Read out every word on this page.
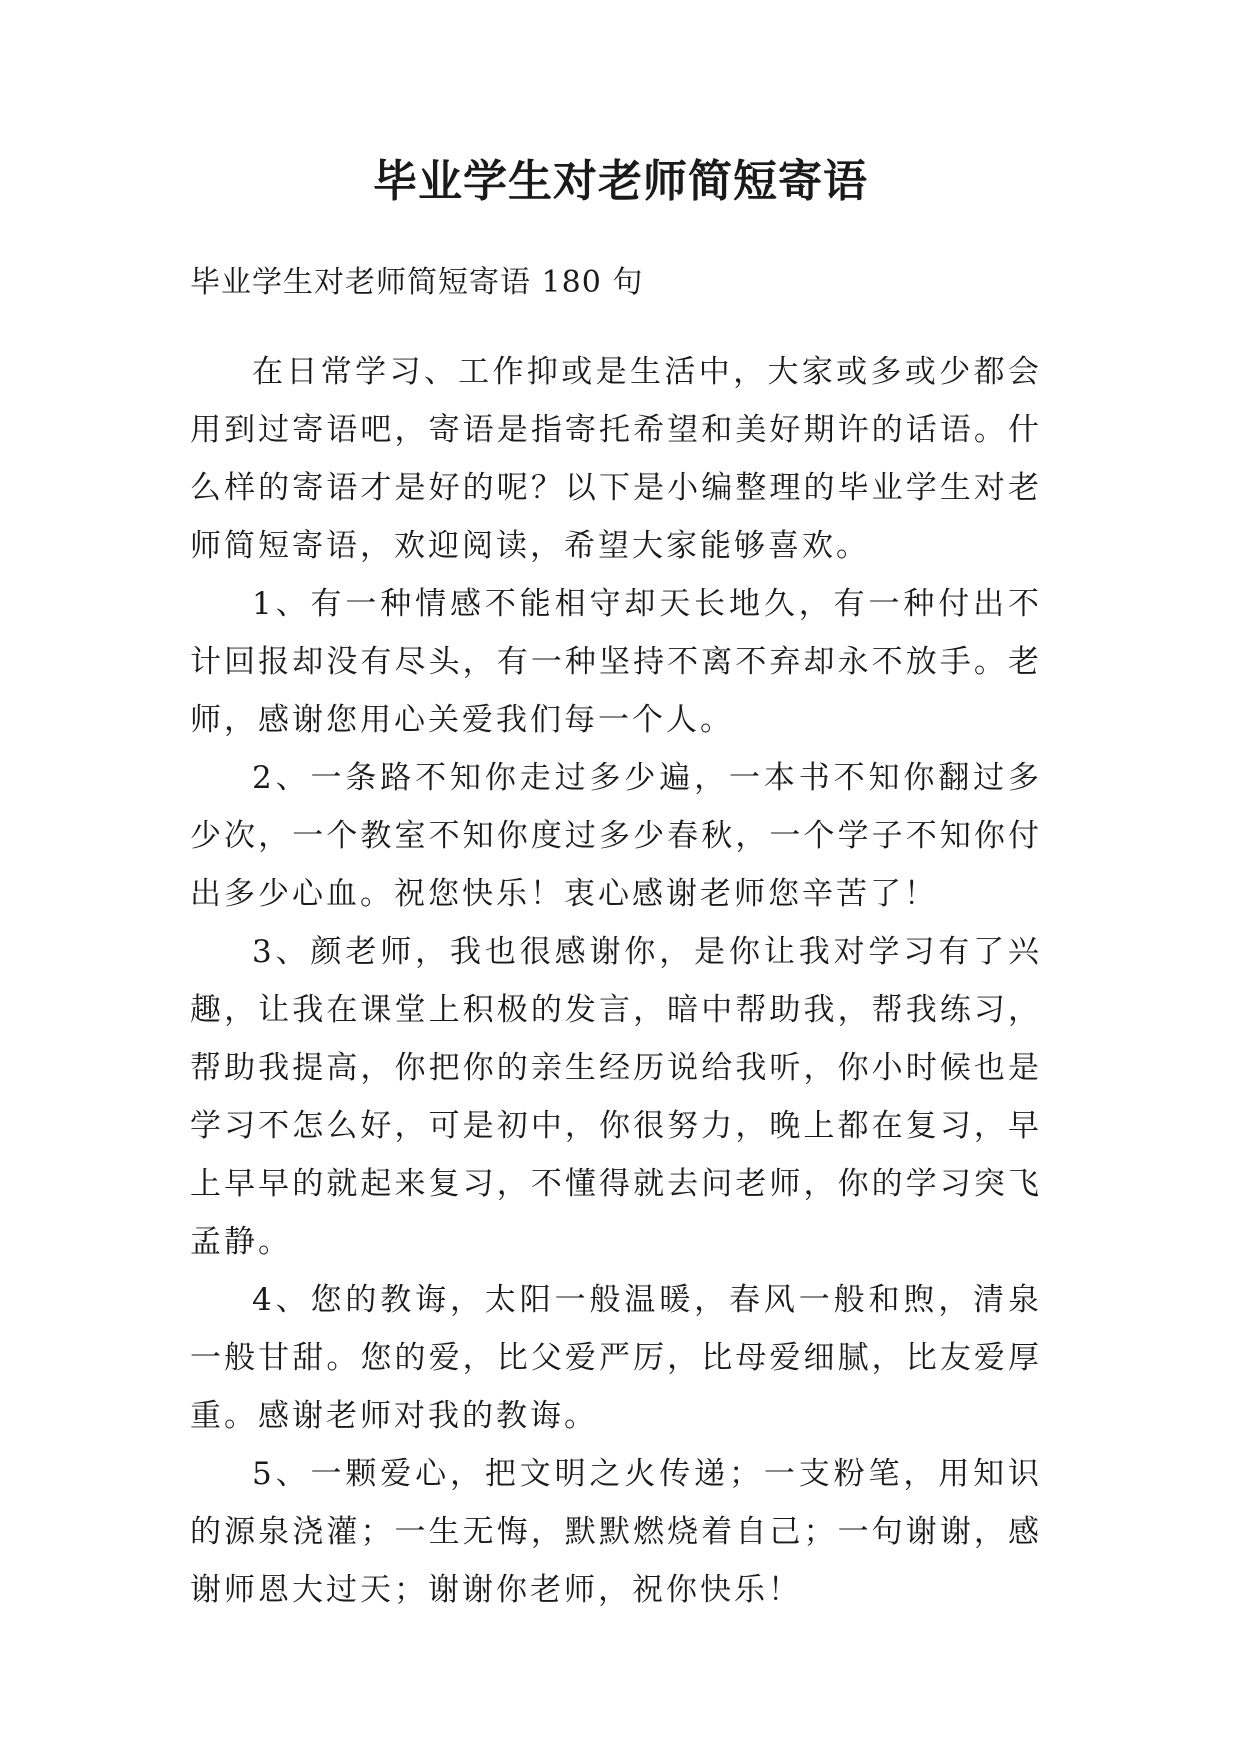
毕业学生对老师简短寄语
毕业学生对老师简短寄语 180 句

在日常学习、工作抑或是生活中，大家或多或少都会用到过寄语吧，寄语是指寄托希望和美好期许的话语。什么样的寄语才是好的呢？以下是小编整理的毕业学生对老师简短寄语，欢迎阅读，希望大家能够喜欢。

1、有一种情感不能相守却天长地久，有一种付出不计回报却没有尽头，有一种坚持不离不弃却永不放手。老师，感谢您用心关爱我们每一个人。

2、一条路不知你走过多少遍，一本书不知你翻过多少次，一个教室不知你度过多少春秋，一个学子不知你付出多少心血。祝您快乐！衷心感谢老师您辛苦了！

3、颜老师，我也很感谢你，是你让我对学习有了兴趣，让我在课堂上积极的发言，暗中帮助我，帮我练习，帮助我提高，你把你的亲生经历说给我听，你小时候也是学习不怎么好，可是初中，你很努力，晚上都在复习，早上早早的就起来复习，不懂得就去问老师，你的学习突飞孟静。

4、您的教诲，太阳一般温暖，春风一般和煦，清泉一般甘甜。您的爱，比父爱严厉，比母爱细腻，比友爱厚重。感谢老师对我的教诲。

5、一颗爱心，把文明之火传递；一支粉笔，用知识的源泉浇灌；一生无悔，默默燃烧着自己；一句谢谢，感谢师恩大过天；谢谢你老师，祝你快乐！
